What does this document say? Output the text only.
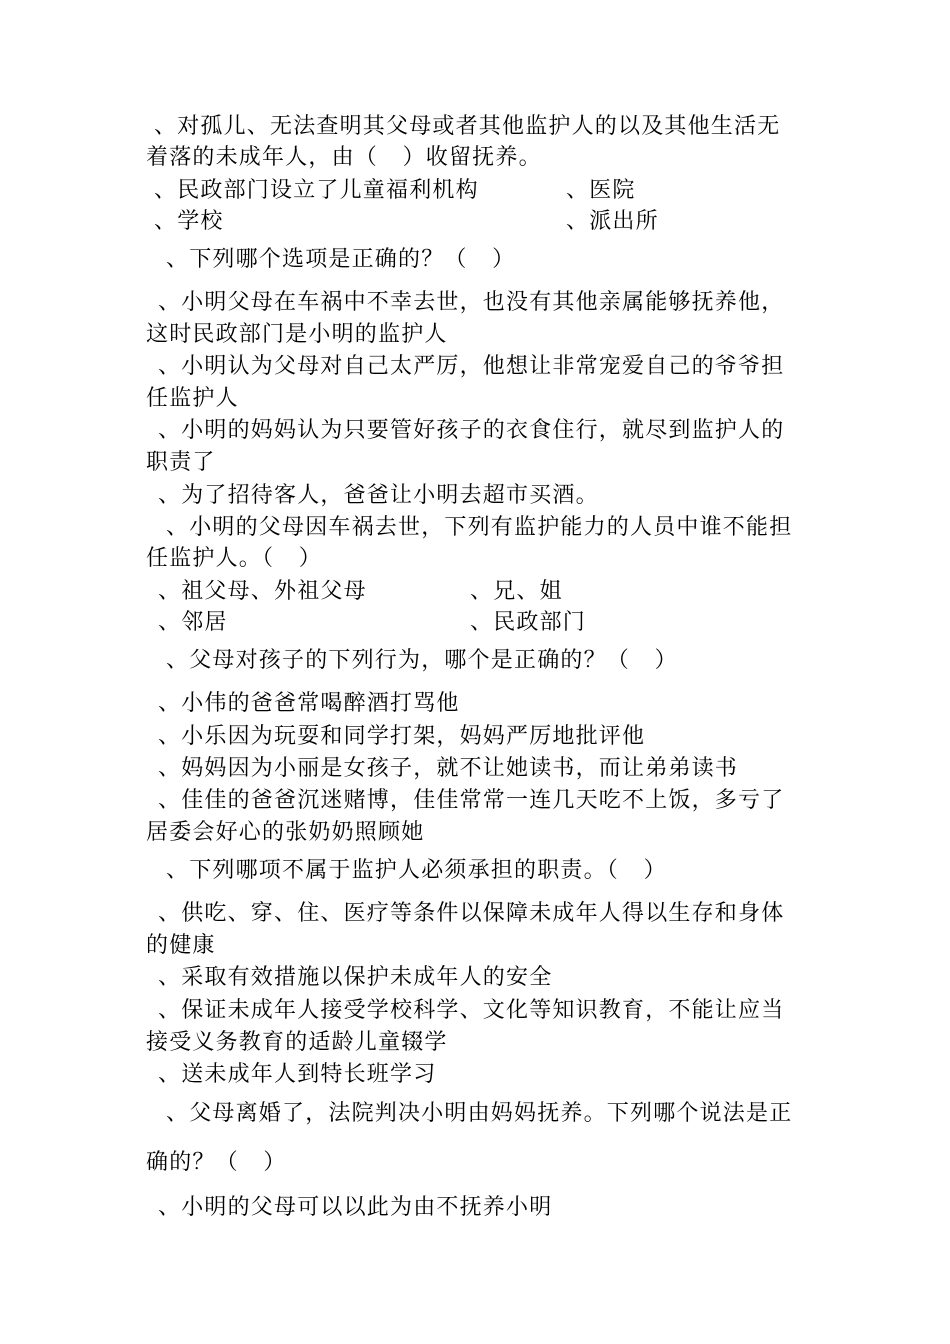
、对孤儿、无法查明其父母或者其他监护人的以及其他生活无
着落的未成年人，由（   ）收留抚养。
、民政部门设立了儿童福利机构	、医院
、学校	、派出所
、下列哪个选项是正确的？（   ）
、小明父母在车祸中不幸去世，也没有其他亲属能够抚养他，
这时民政部门是小明的监护人
、小明认为父母对自己太严厉，他想让非常宠爱自己的爷爷担
任监护人
、小明的妈妈认为只要管好孩子的衣食住行，就尽到监护人的
职责了
、为了招待客人，爸爸让小明去超市买酒。
、小明的父母因车祸去世，下列有监护能力的人员中谁不能担
任监护人。（   ）
、祖父母、外祖父母	、兄、姐
、邻居	、民政部门
、父母对孩子的下列行为，哪个是正确的？（   ）
、小伟的爸爸常喝醉酒打骂他
、小乐因为玩耍和同学打架，妈妈严厉地批评他
、妈妈因为小丽是女孩子，就不让她读书，而让弟弟读书
、佳佳的爸爸沉迷赌博，佳佳常常一连几天吃不上饭，多亏了
居委会好心的张奶奶照顾她
、下列哪项不属于监护人必须承担的职责。（   ）
、供吃、穿、住、医疗等条件以保障未成年人得以生存和身体
的健康
、采取有效措施以保护未成年人的安全
、保证未成年人接受学校科学、文化等知识教育，不能让应当
接受义务教育的适龄儿童辍学
、送未成年人到特长班学习
、父母离婚了，法院判决小明由妈妈抚养。下列哪个说法是正
确的？（   ）
、小明的父母可以以此为由不抚养小明
